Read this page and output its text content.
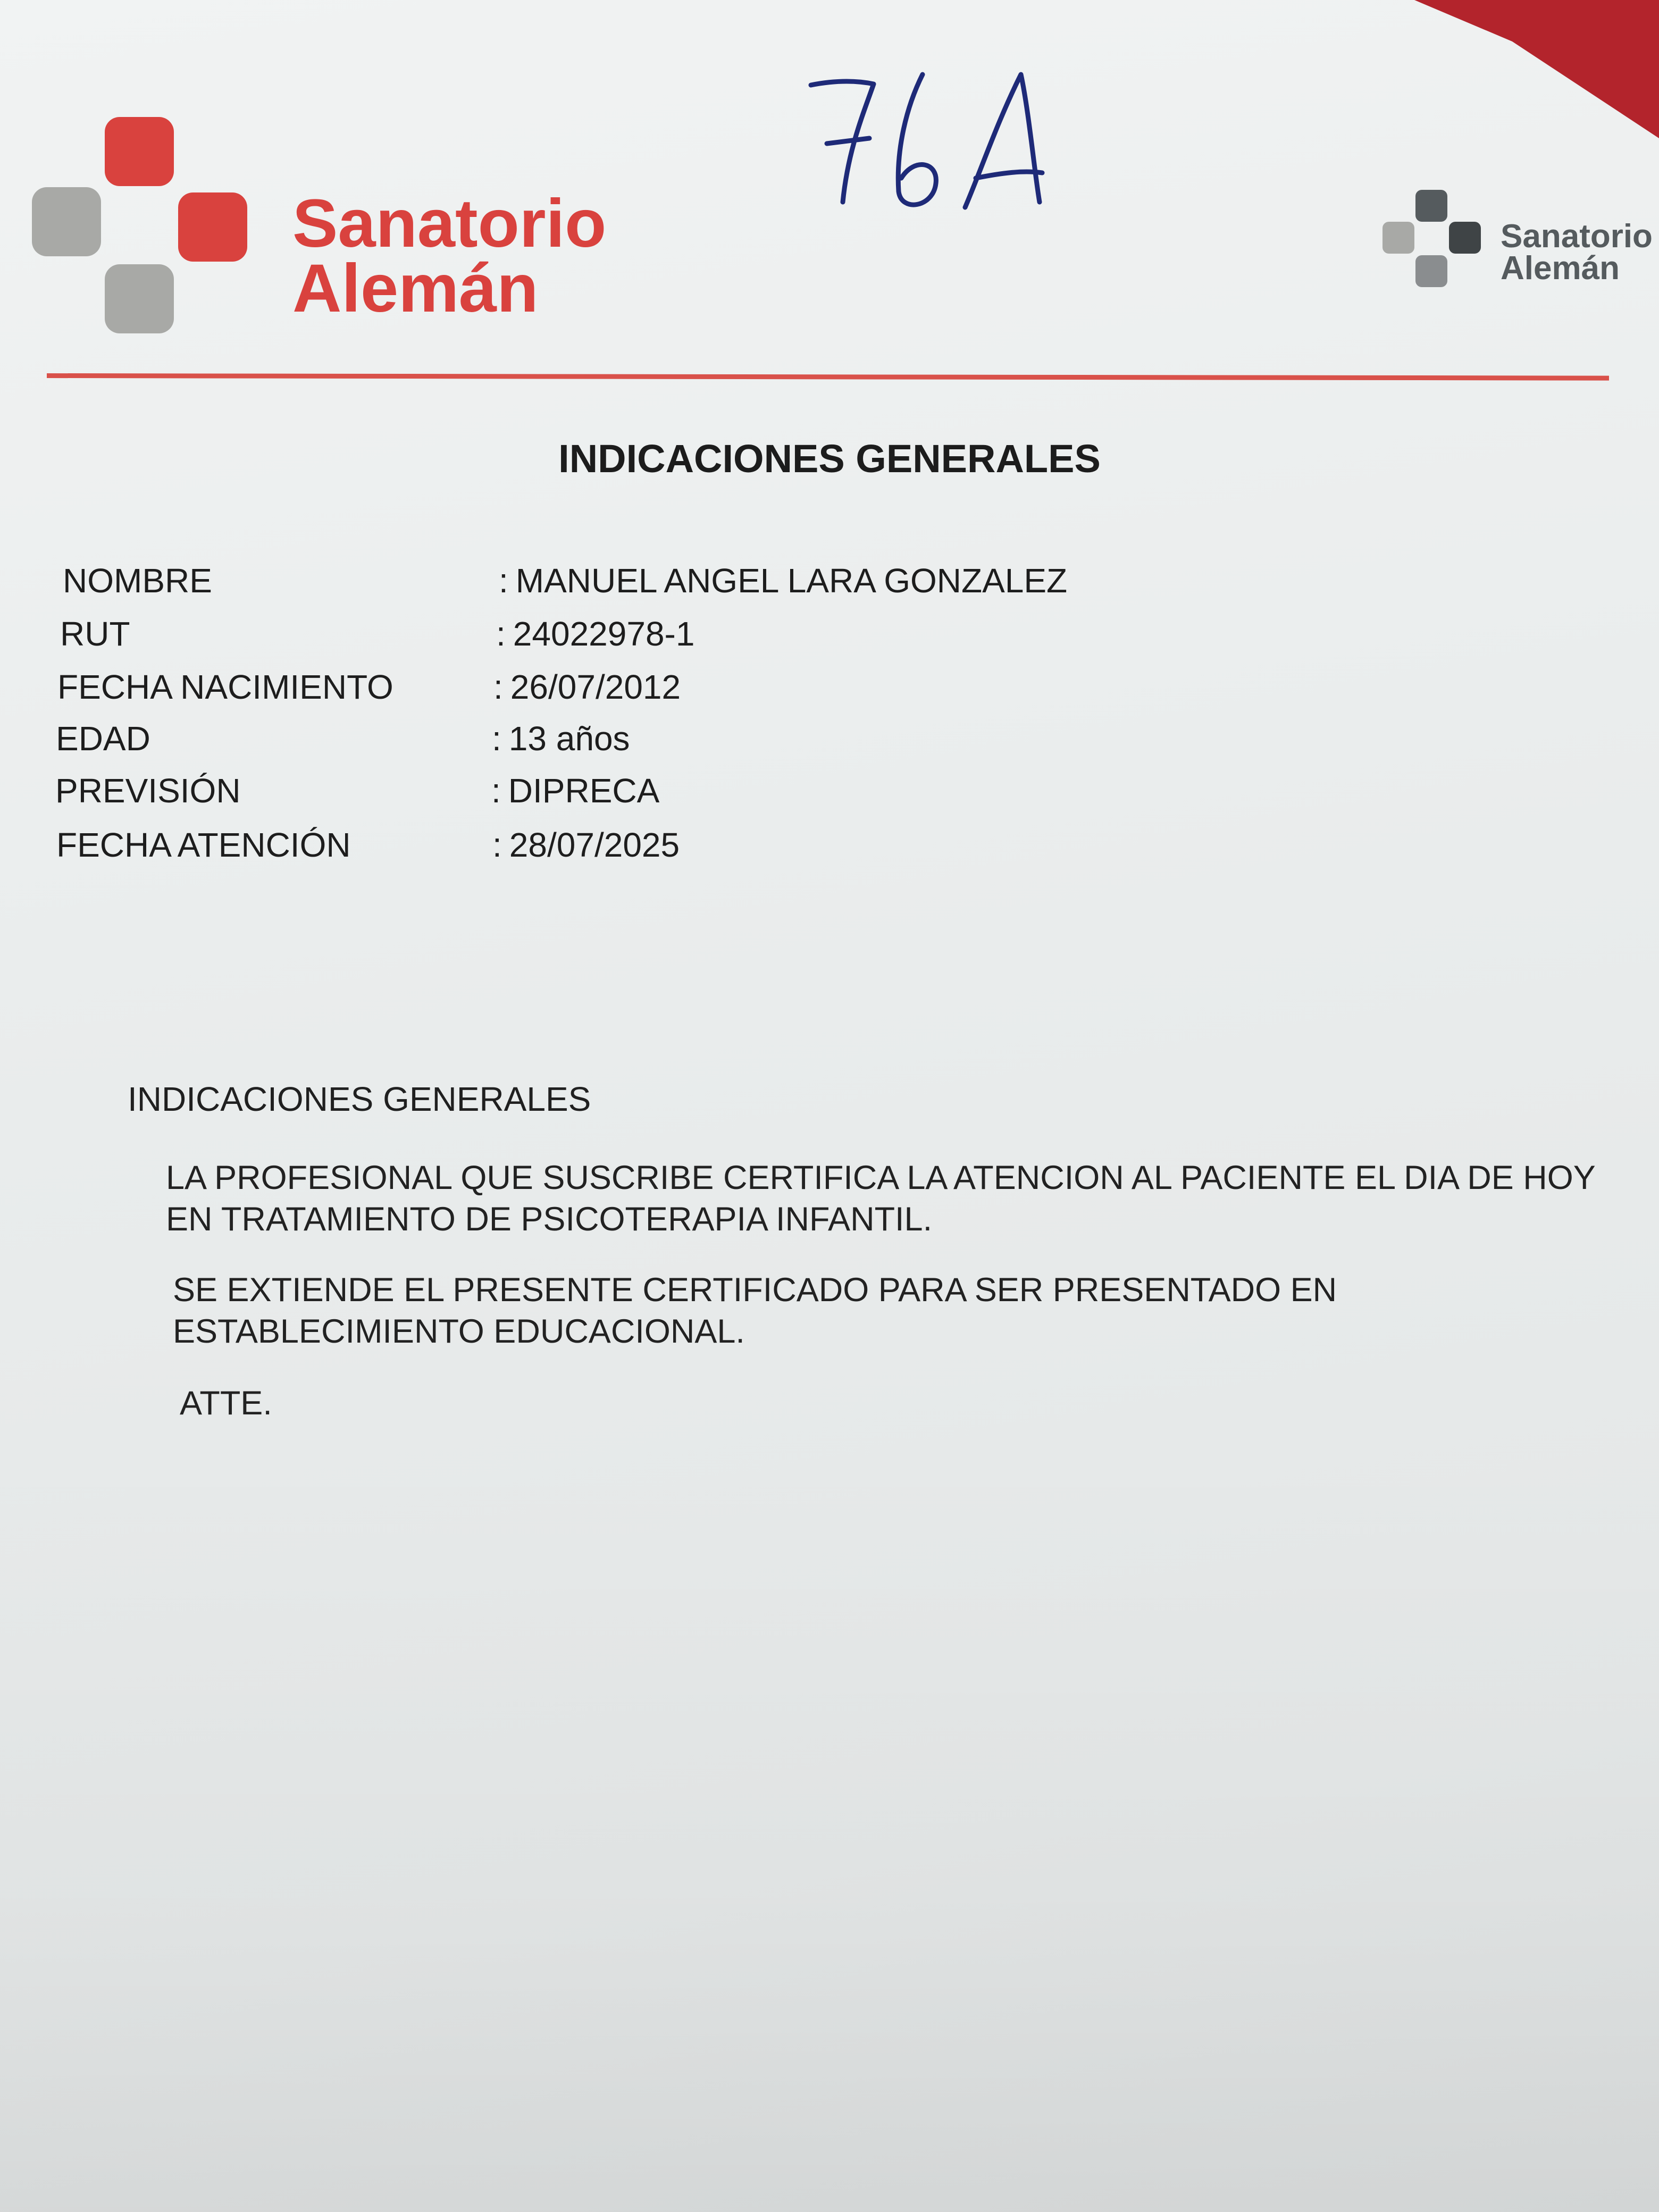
Sanatorio
Alemán

Sanatorio
Alemán

INDICACIONES GENERALES
NOMBRE	: MANUEL ANGEL LARA GONZALEZ
RUT	: 24022978-1
FECHA NACIMIENTO	: 26/07/2012
EDAD	: 13 años
PREVISIÓN	: DIPRECA
FECHA ATENCIÓN	: 28/07/2025
INDICACIONES GENERALES

LA PROFESIONAL QUE SUSCRIBE CERTIFICA LA ATENCION AL PACIENTE EL DIA DE HOY EN TRATAMIENTO DE PSICOTERAPIA INFANTIL.

SE EXTIENDE EL PRESENTE CERTIFICADO PARA SER PRESENTADO EN ESTABLECIMIENTO EDUCACIONAL.

ATTE.
